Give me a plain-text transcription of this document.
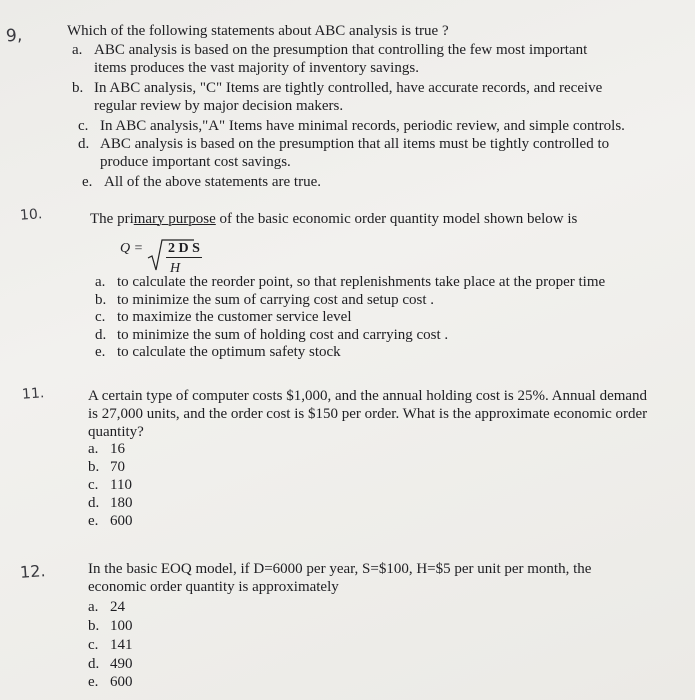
9,	Which of the following statements about ABC analysis is true ?
a. ABC analysis is based on the presumption that controlling the few most important
items produces the vast majority of inventory savings.
b. In ABC analysis, "C" Items are tightly controlled, have accurate records, and receive
regular review by major decision makers.
c. In ABC analysis,"A" Items have minimal records, periodic review, and simple controls.
d. ABC analysis is based on the presumption that all items must be tightly controlled to
produce important cost savings.
e. All of the above statements are true.
10.	The primary purpose of the basic economic order quantity model shown below is
Q = 2 D S
H
a. to calculate the reorder point, so that replenishments take place at the proper time
b. to minimize the sum of carrying cost and setup cost .
c. to maximize the customer service level
d. to minimize the sum of holding cost and carrying cost .
e. to calculate the optimum safety stock
11.	A certain type of computer costs $1,000, and the annual holding cost is 25%. Annual demand
is 27,000 units, and the order cost is $150 per order. What is the approximate economic order
quantity?
a. 16
b. 70
c. 110
d. 180
e. 600
12.	In the basic EOQ model, if D=6000 per year, S=$100, H=$5 per unit per month, the
economic order quantity is approximately
a. 24
b. 100
c. 141
d. 490
e. 600
